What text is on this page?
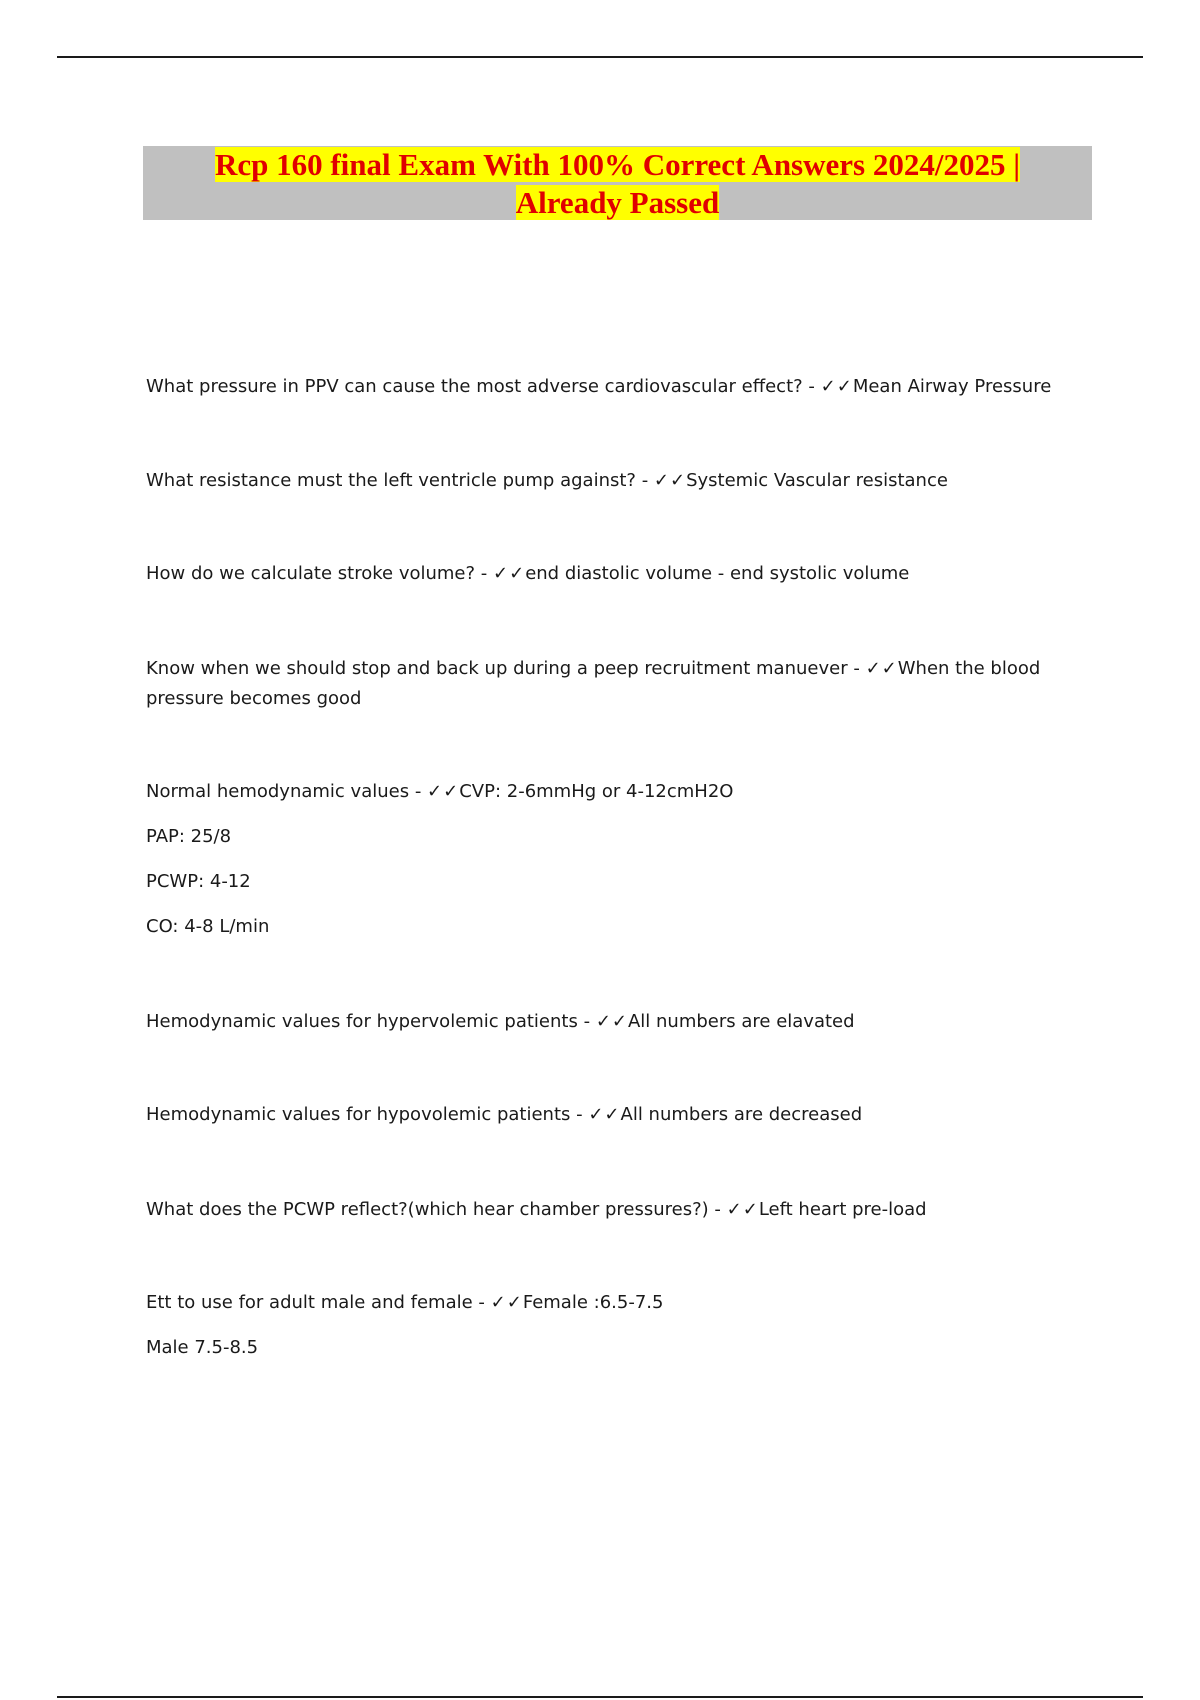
Rcp 160 final Exam With 100% Correct Answers 2024/2025 |
Already Passed
What pressure in PPV can cause the most adverse cardiovascular effect? - ✓✓Mean Airway Pressure
What resistance must the left ventricle pump against? - ✓✓Systemic Vascular resistance
How do we calculate stroke volume? - ✓✓end diastolic volume - end systolic volume
Know when we should stop and back up during a peep recruitment manuever - ✓✓When the blood pressure becomes good
Normal hemodynamic values - ✓✓CVP: 2-6mmHg or 4-12cmH2O
PAP: 25/8
PCWP: 4-12
CO: 4-8 L/min
Hemodynamic values for hypervolemic patients - ✓✓All numbers are elavated
Hemodynamic values for hypovolemic patients - ✓✓All numbers are decreased
What does the PCWP reflect?(which hear chamber pressures?) - ✓✓Left heart pre-load
Ett to use for adult male and female - ✓✓Female :6.5-7.5
Male 7.5-8.5
